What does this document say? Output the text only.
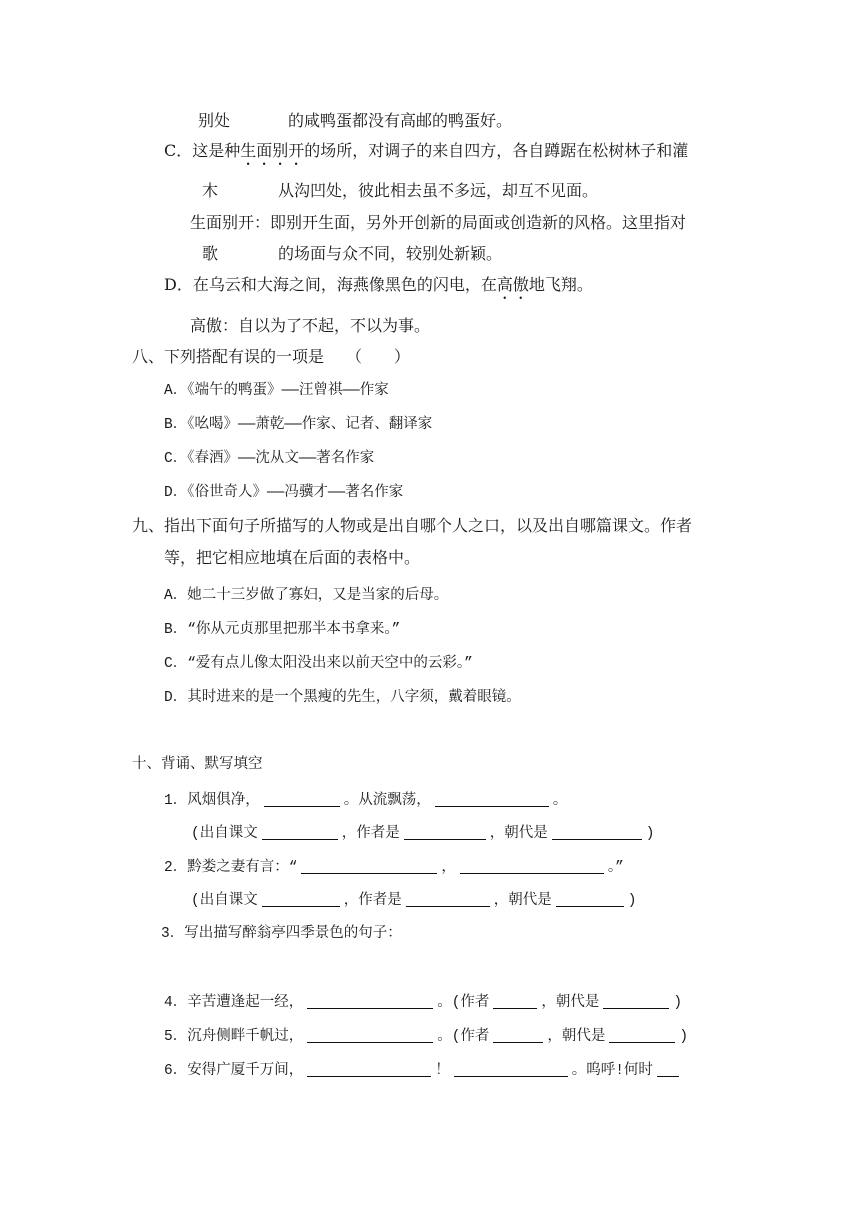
别处	的咸鸭蛋都没有高邮的鸭蛋好。
C．这是种生面别开的场所，对调子的来自四方，各自蹲踞在松树林子和灌
木	从沟凹处，彼此相去虽不多远，却互不见面。
生面别开：即别开生面，另外开创新的局面或创造新的风格。这里指对
歌	的场面与众不同，较别处新颖。
D．在乌云和大海之间，海燕像黑色的闪电，在高傲地飞翔。
高傲：自以为了不起，不以为事。
八、下列搭配有误的一项是 （　　）
A．《端午的鸭蛋》——汪曾祺——作家
B．《吆喝》——萧乾——作家、记者、翻译家
C．《春酒》——沈从文——著名作家
D．《俗世奇人》——冯骥才——著名作家
九、指出下面句子所描写的人物或是出自哪个人之口，以及出自哪篇课文。作者
等，把它相应地填在后面的表格中。
A．她二十三岁做了寡妇，又是当家的后母。
B．“你从元贞那里把那半本书拿来。”
C．“爱有点儿像太阳没出来以前天空中的云彩。”
D．其时进来的是一个黑瘦的先生，八字须，戴着眼镜。
十、背诵、默写填空
1．风烟俱净，	。从流飘荡，	。
(出自课文	，作者是	，朝代是	)
2．黔娄之妻有言：“	，	。”
(出自课文	，作者是	，朝代是	)
3．写出描写醉翁亭四季景色的句子：
4．辛苦遭逢起一经，	。(作者	，朝代是	)
5．沉舟侧畔千帆过，	。(作者	，朝代是	)
6．安得广厦千万间，	！	。呜呼!何时
